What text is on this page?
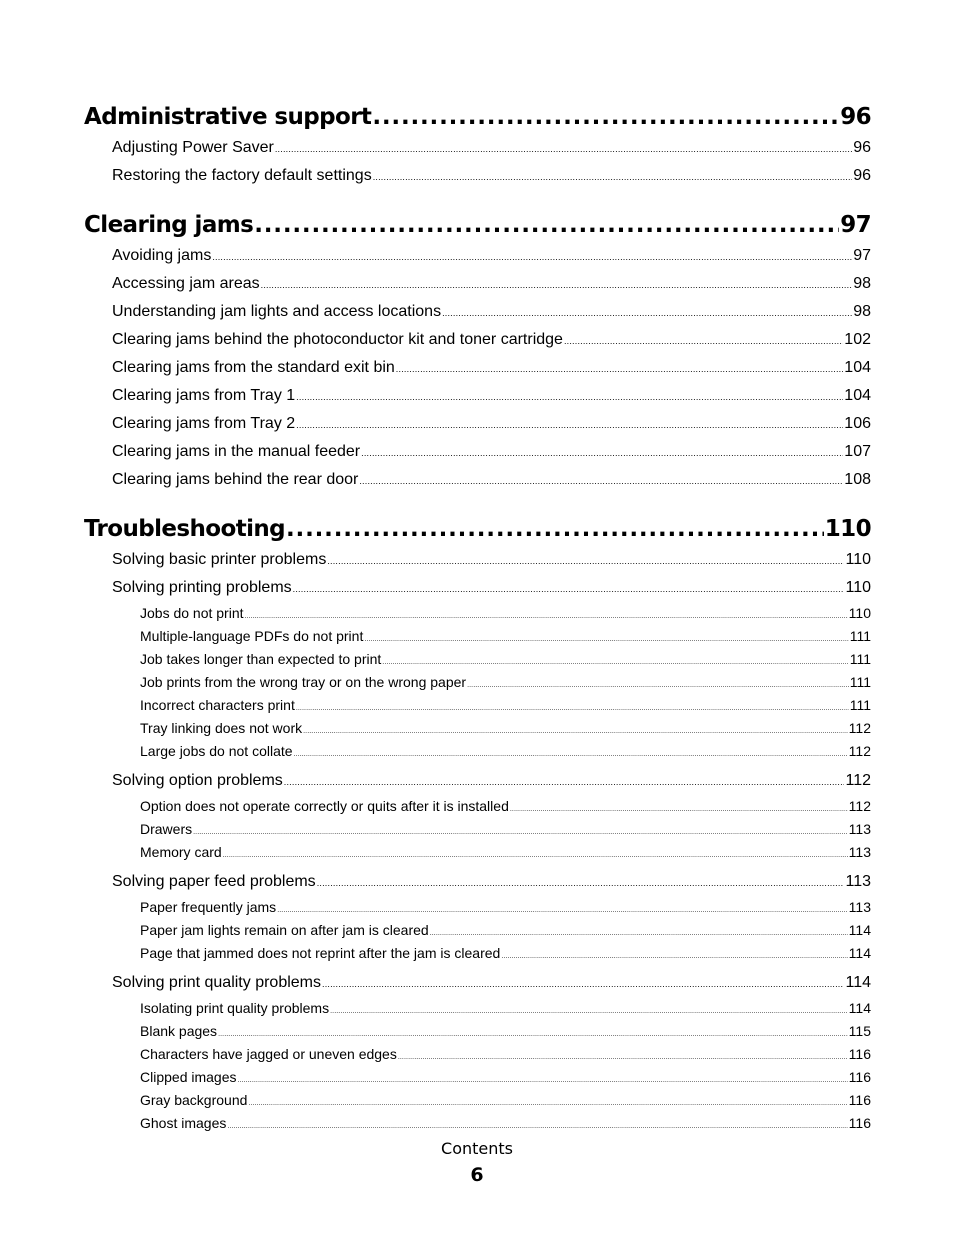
Administrative support .....	96
Adjusting Power Saver .....	96
Restoring the factory default settings .....	96
Clearing jams .....	97
Avoiding jams .....	97
Accessing jam areas .....	98
Understanding jam lights and access locations .....	98
Clearing jams behind the photoconductor kit and toner cartridge .....	102
Clearing jams from the standard exit bin .....	104
Clearing jams from Tray 1 .....	104
Clearing jams from Tray 2 .....	106
Clearing jams in the manual feeder .....	107
Clearing jams behind the rear door .....	108
Troubleshooting .....	110
Solving basic printer problems .....	110
Solving printing problems .....	110
Jobs do not print .....	110
Multiple-language PDFs do not print .....	111
Job takes longer than expected to print .....	111
Job prints from the wrong tray or on the wrong paper .....	111
Incorrect characters print .....	111
Tray linking does not work .....	112
Large jobs do not collate .....	112
Solving option problems .....	112
Option does not operate correctly or quits after it is installed .....	112
Drawers .....	113
Memory card .....	113
Solving paper feed problems .....	113
Paper frequently jams .....	113
Paper jam lights remain on after jam is cleared .....	114
Page that jammed does not reprint after the jam is cleared .....	114
Solving print quality problems .....	114
Isolating print quality problems .....	114
Blank pages .....	115
Characters have jagged or uneven edges .....	116
Clipped images .....	116
Gray background .....	116
Ghost images .....	116
Contents
6
